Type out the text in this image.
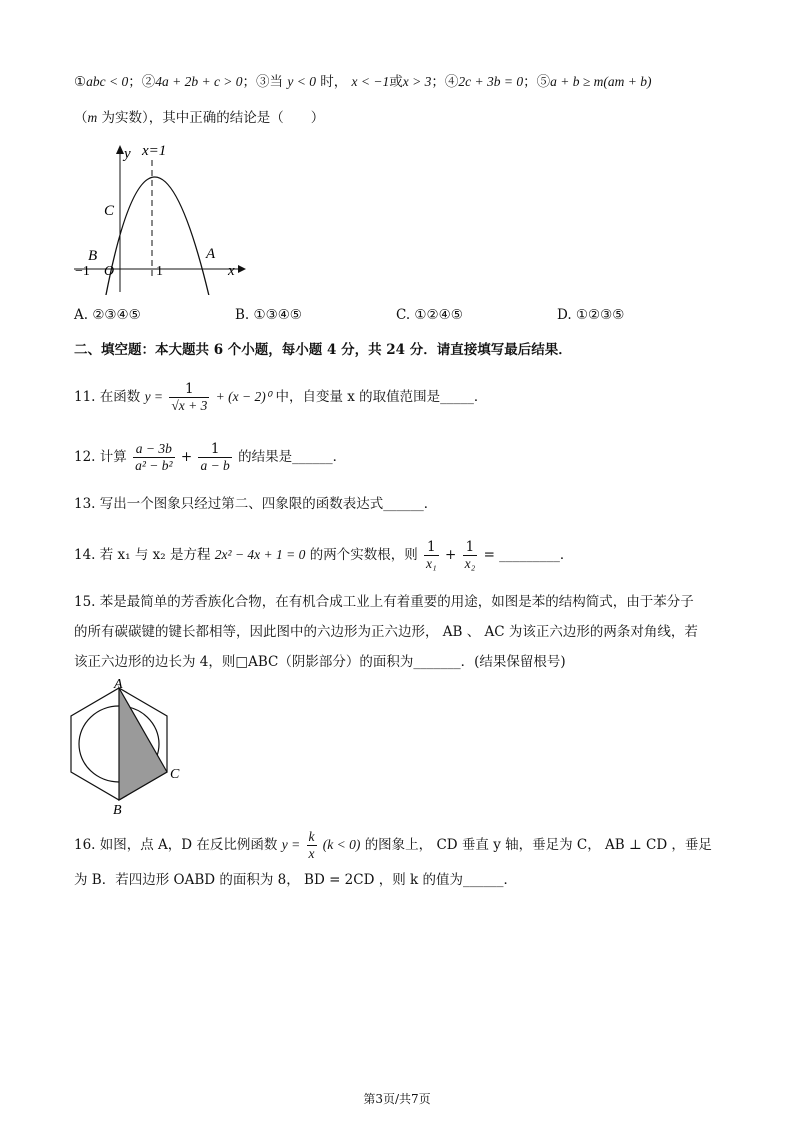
①abc < 0；②4a + 2b + c > 0；③当 y < 0 时， x < −1或x > 3；④2c + 3b = 0；⑤a + b ≥ m(am + b)
（m 为实数），其中正确的结论是（　　）
y x=1
C
B	A
x
O
−1	1
A. ②③④⑤	B. ①③④⑤	C. ①②④⑤	D. ①②③⑤
二、填空题：本大题共 6 个小题，每小题 4 分，共 24 分．请直接填写最后结果．
11. 在函数 $y = \frac{1}{√x + 3} + (x - 2)^0$ 中，自变量 x 的取值范围是_____．
12. 计算 $\frac{a - 3b}{\text{a² − b²}} + \frac{1}{a - b}$ 的结果是______．
13. 写出一个图象只经过第二、四象限的函数表达式______．
14. 若 x₁ 与 x₂ 是方程 2x² − 4x + 1 = 0 的两个实数根，则 $\frac{1}{\text{x₁}} + \frac{1}{\text{x₂}}$ = _________．
15. 苯是最简单的芳香族化合物，在有机合成工业上有着重要的用途，如图是苯的结构简式，由于苯分子
的所有碳碳键的键长都相等，因此图中的六边形为正六边形， AB 、 AC 为该正六边形的两条对角线，若
该正六边形的边长为 4，则□ABC（阴影部分）的面积为_______．(结果保留根号)
A
B
C
16. 如图，点 A，D 在反比例函数 $y = \frac{k}{x} (k < 0)$ 的图象上， CD 垂直 y 轴，垂足为 C， AB ⊥ CD ，垂足
为 B．若四边形 OABD 的面积为 8， BD = 2CD ，则 k 的值为______．
第3页/共7页
